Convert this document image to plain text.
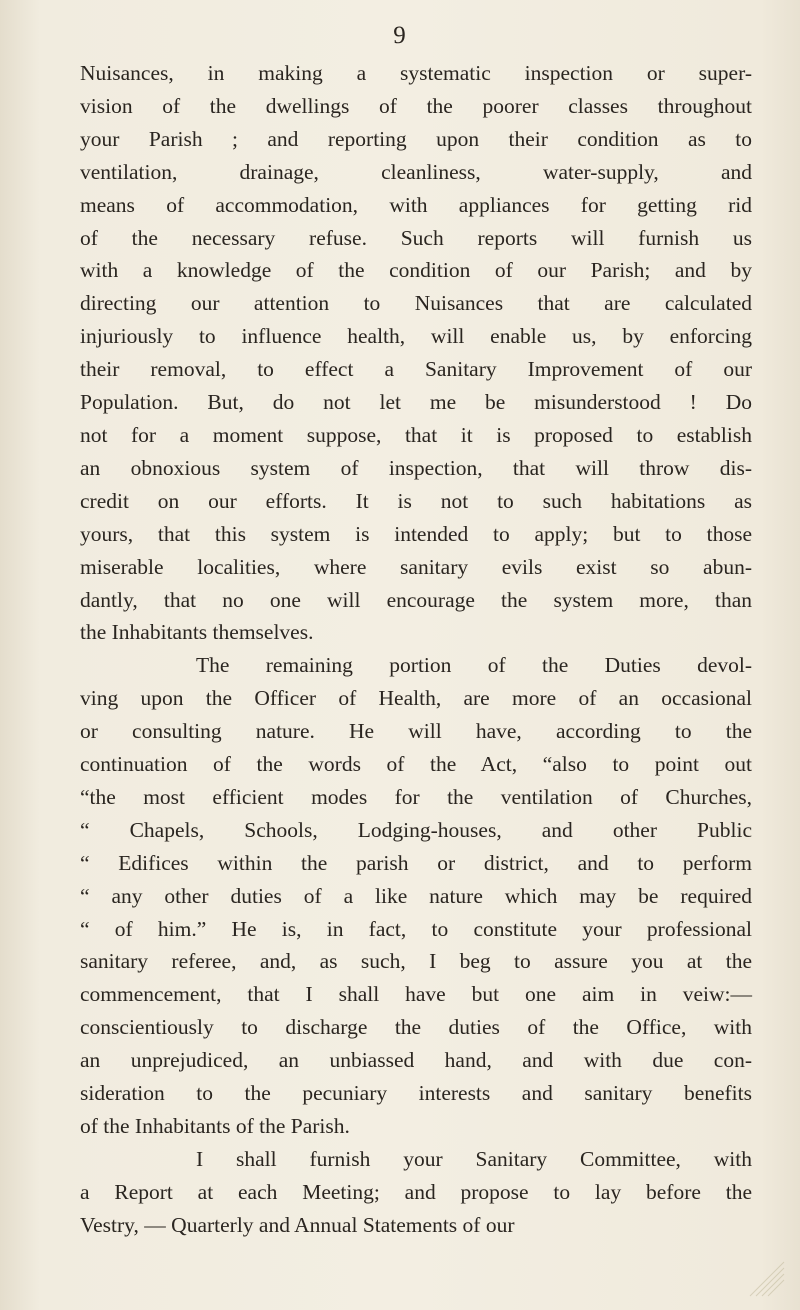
9
Nuisances, in making a systematic inspection or super-
vision of the dwellings of the poorer classes throughout
your Parish ; and reporting upon their condition as to
ventilation, drainage, cleanliness, water-supply, and
means of accommodation, with appliances for getting rid
of the necessary refuse. Such reports will furnish us
with a knowledge of the condition of our Parish; and by
directing our attention to Nuisances that are calculated
injuriously to influence health, will enable us, by enforcing
their removal, to effect a Sanitary Improvement of our
Population. But, do not let me be misunderstood ! Do
not for a moment suppose, that it is proposed to establish
an obnoxious system of inspection, that will throw dis-
credit on our efforts. It is not to such habitations as
yours, that this system is intended to apply; but to those
miserable localities, where sanitary evils exist so abun-
dantly, that no one will encourage the system more, than
the Inhabitants themselves.
The remaining portion of the Duties devol-
ving upon the Officer of Health, are more of an occasional
or consulting nature. He will have, according to the
continuation of the words of the Act, “also to point out
“the most efficient modes for the ventilation of Churches,
“ Chapels, Schools, Lodging-houses, and other Public
“ Edifices within the parish or district, and to perform
“ any other duties of a like nature which may be required
“ of him.” He is, in fact, to constitute your professional
sanitary referee, and, as such, I beg to assure you at the
commencement, that I shall have but one aim in veiw:—
conscientiously to discharge the duties of the Office, with
an unprejudiced, an unbiassed hand, and with due con-
sideration to the pecuniary interests and sanitary benefits
of the Inhabitants of the Parish.
I shall furnish your Sanitary Committee, with
a Report at each Meeting; and propose to lay before the
Vestry, — Quarterly and Annual Statements of our
